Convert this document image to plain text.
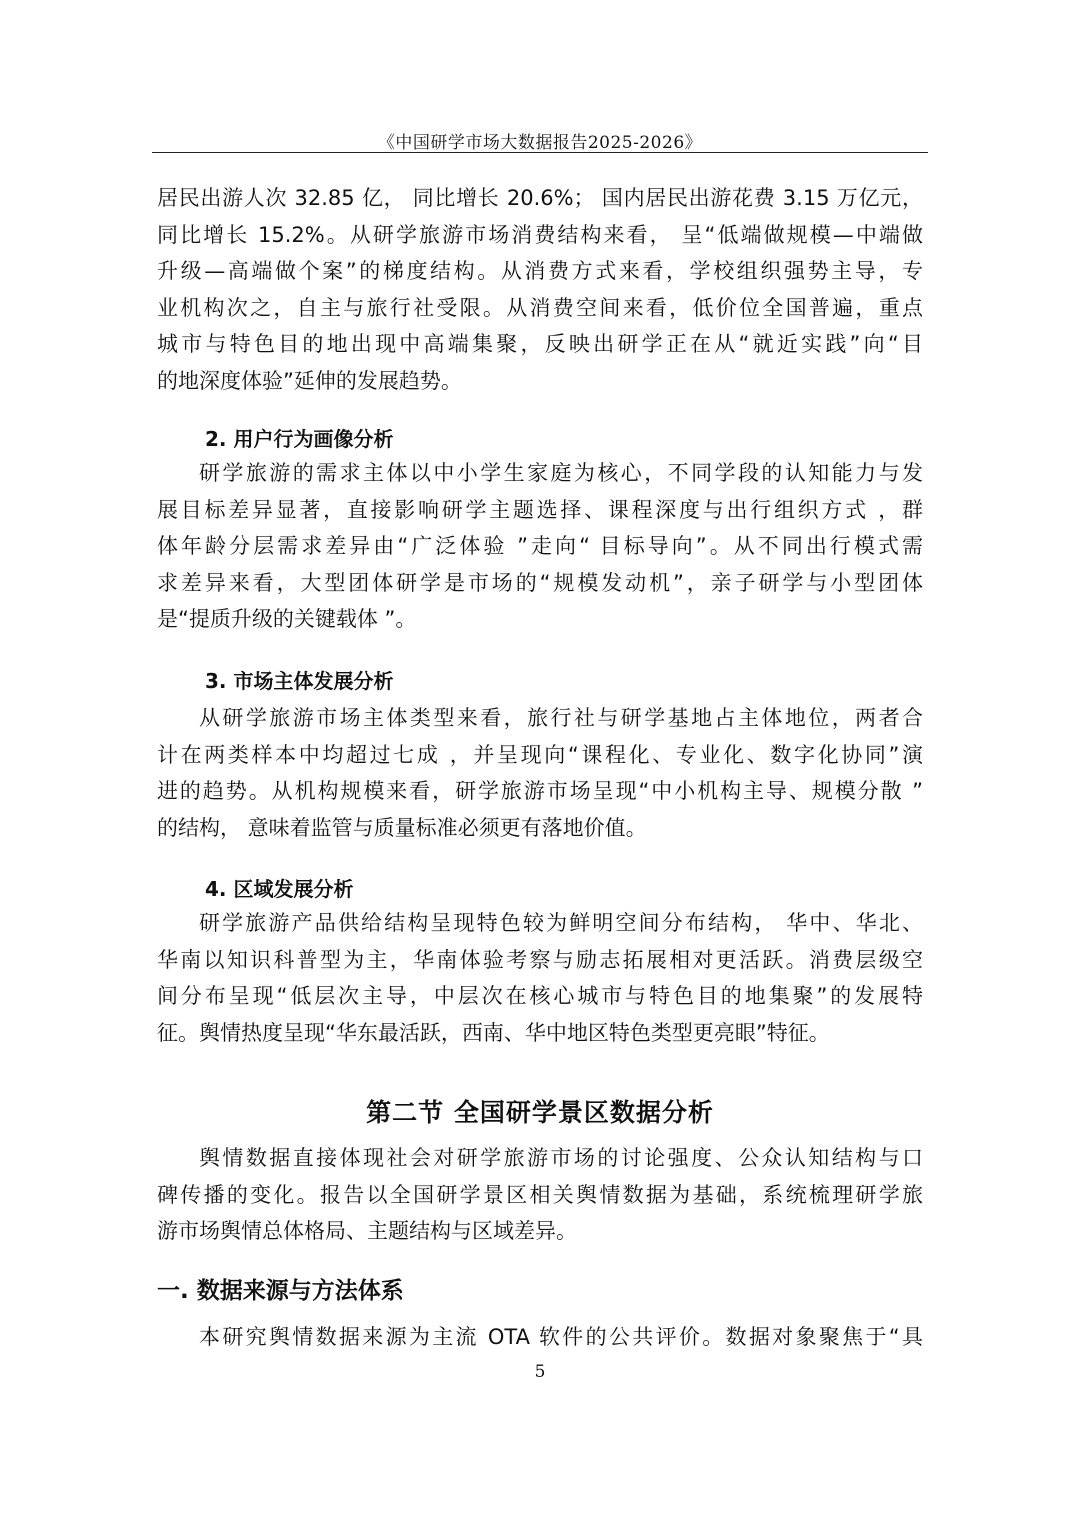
《中国研学市场大数据报告2025-2026》

居民出游人次 32.85 亿， 同比增长 20.6%； 国内居民出游花费 3.15 万亿元，
同比增长 15.2%。从研学旅游市场消费结构来看， 呈“低端做规模—中端做
升级—高端做个案”的梯度结构。从消费方式来看，学校组织强势主导，专
业机构次之，自主与旅行社受限。从消费空间来看，低价位全国普遍，重点
城市与特色目的地出现中高端集聚，反映出研学正在从“就近实践”向“目
的地深度体验”延伸的发展趋势。

2. 用户行为画像分析

研学旅游的需求主体以中小学生家庭为核心，不同学段的认知能力与发
展目标差异显著，直接影响研学主题选择、课程深度与出行组织方式 ，群
体年龄分层需求差异由“广泛体验 ”走向“ 目标导向”。从不同出行模式需
求差异来看，大型团体研学是市场的“规模发动机”，亲子研学与小型团体
是“提质升级的关键载体 ”。

3. 市场主体发展分析

从研学旅游市场主体类型来看，旅行社与研学基地占主体地位，两者合
计在两类样本中均超过七成 ，并呈现向“课程化、专业化、数字化协同”演
进的趋势。从机构规模来看，研学旅游市场呈现“中小机构主导、规模分散 ”
的结构， 意味着监管与质量标准必须更有落地价值。

4. 区域发展分析

研学旅游产品供给结构呈现特色较为鲜明空间分布结构， 华中、华北、
华南以知识科普型为主，华南体验考察与励志拓展相对更活跃。消费层级空
间分布呈现“低层次主导，中层次在核心城市与特色目的地集聚”的发展特
征。舆情热度呈现“华东最活跃，西南、华中地区特色类型更亮眼”特征。

第二节 全国研学景区数据分析

舆情数据直接体现社会对研学旅游市场的讨论强度、公众认知结构与口
碑传播的变化。报告以全国研学景区相关舆情数据为基础，系统梳理研学旅
游市场舆情总体格局、主题结构与区域差异。

一. 数据来源与方法体系

本研究舆情数据来源为主流 OTA 软件的公共评价。数据对象聚焦于“具

5
